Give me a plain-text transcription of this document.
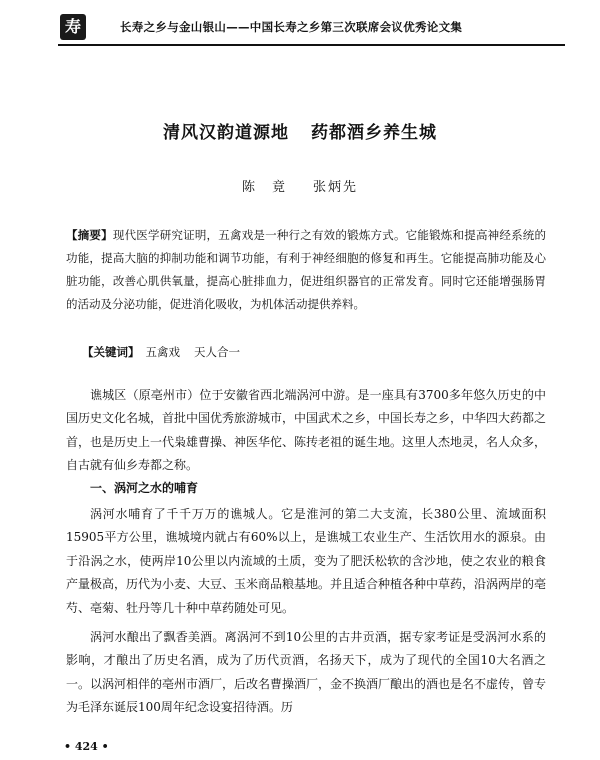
寿	长寿之乡与金山银山——中国长寿之乡第三次联席会议优秀论文集
清风汉韵道源地 药都酒乡养生城
陈　竟 张炳先
【摘要】现代医学研究证明，五禽戏是一种行之有效的锻炼方式。它能锻炼和提高神经系统的功能，提高大脑的抑制功能和调节功能，有利于神经细胞的修复和再生。它能提高肺功能及心脏功能，改善心肌供氧量，提高心脏排血力，促进组织器官的正常发育。同时它还能增强肠胃的活动及分泌功能，促进消化吸收，为机体活动提供养料。
【关键词】 五禽戏 天人合一

谯城区（原亳州市）位于安徽省西北端涡河中游。是一座具有3700多年悠久历史的中国历史文化名城，首批中国优秀旅游城市，中国武术之乡，中国长寿之乡，中华四大药都之首，也是历史上一代枭雄曹操、神医华佗、陈抟老祖的诞生地。这里人杰地灵，名人众多，自古就有仙乡寿都之称。

一、涡河之水的哺育

涡河水哺育了千千万万的谯城人。它是淮河的第二大支流，长380公里、流域面积15905平方公里，谯城境内就占有60%以上，是谯城工农业生产、生活饮用水的源泉。由于沿涡之水，使两岸10公里以内流域的土质，变为了肥沃松软的含沙地，使之农业的粮食产量极高，历代为小麦、大豆、玉米商品粮基地。并且适合种植各种中草药，沿涡两岸的亳芍、亳菊、牡丹等几十种中草药随处可见。

涡河水酿出了飘香美酒。离涡河不到10公里的古井贡酒，据专家考证是受涡河水系的影响，才酿出了历史名酒，成为了历代贡酒，名扬天下，成为了现代的全国10大名酒之一。以涡河相伴的亳州市酒厂，后改名曹操酒厂，金不换酒厂酿出的酒也是名不虚传，曾专为毛泽东诞辰100周年纪念设宴招待酒。历

• 424 •
